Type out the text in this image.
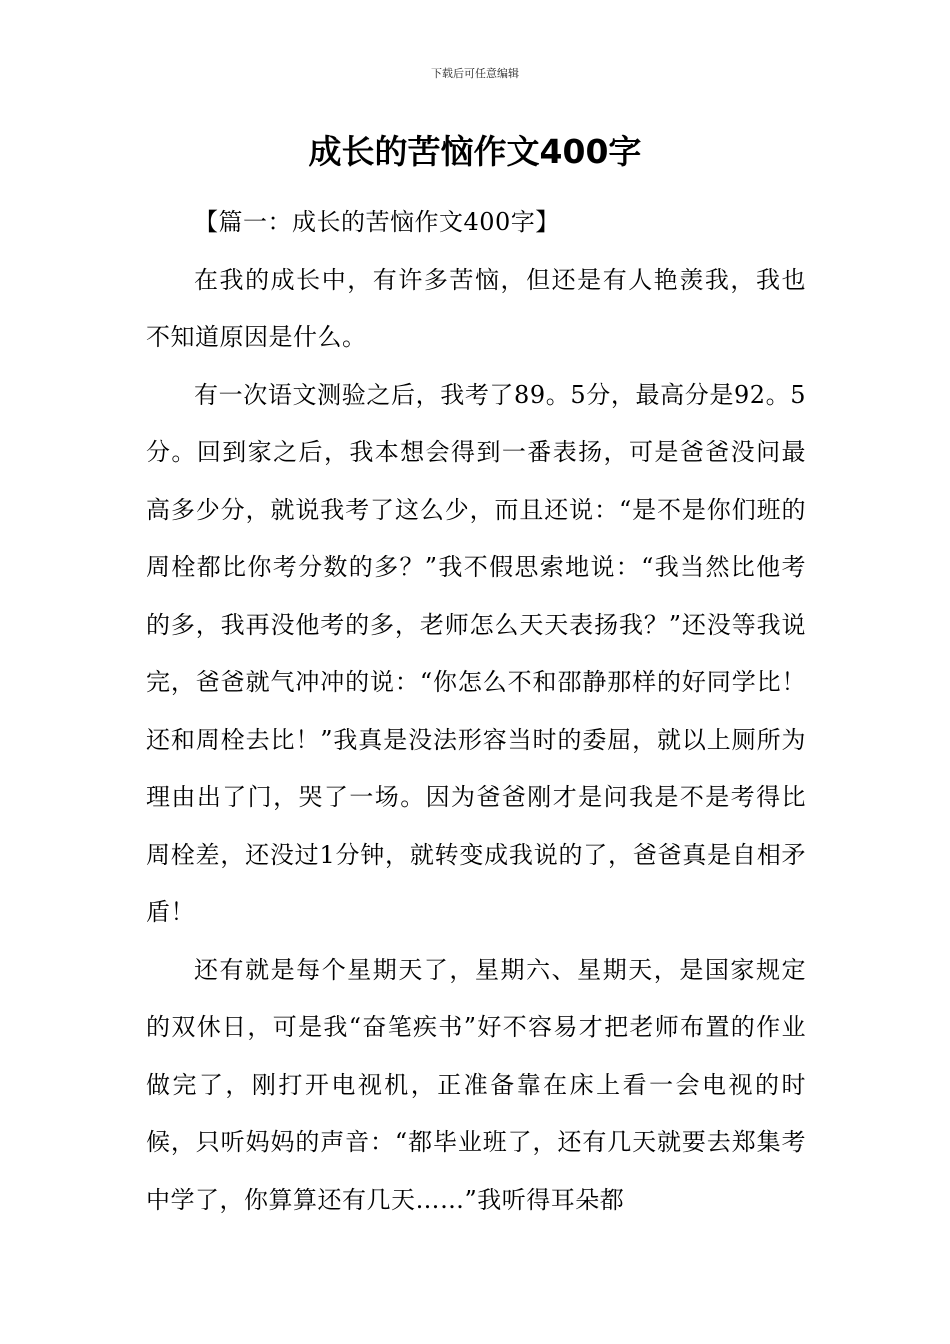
下载后可任意编辑
成长的苦恼作文400字

【篇一：成长的苦恼作文400字】

在我的成长中，有许多苦恼，但还是有人艳羡我，我也不知道原因是什么。

有一次语文测验之后，我考了89。5分，最高分是92。5分。回到家之后，我本想会得到一番表扬，可是爸爸没问最高多少分，就说我考了这么少，而且还说：“是不是你们班的周栓都比你考分数的多？”我不假思索地说：“我当然比他考的多，我再没他考的多，老师怎么天天表扬我？”还没等我说完，爸爸就气冲冲的说：“你怎么不和邵静那样的好同学比！还和周栓去比！”我真是没法形容当时的委屈，就以上厕所为理由出了门，哭了一场。因为爸爸刚才是问我是不是考得比周栓差，还没过1分钟，就转变成我说的了，爸爸真是自相矛盾！

还有就是每个星期天了，星期六、星期天，是国家规定的双休日，可是我“奋笔疾书”好不容易才把老师布置的作业做完了，刚打开电视机，正准备靠在床上看一会电视的时候，只听妈妈的声音：“都毕业班了，还有几天就要去郑集考中学了，你算算还有几天……”我听得耳朵都
